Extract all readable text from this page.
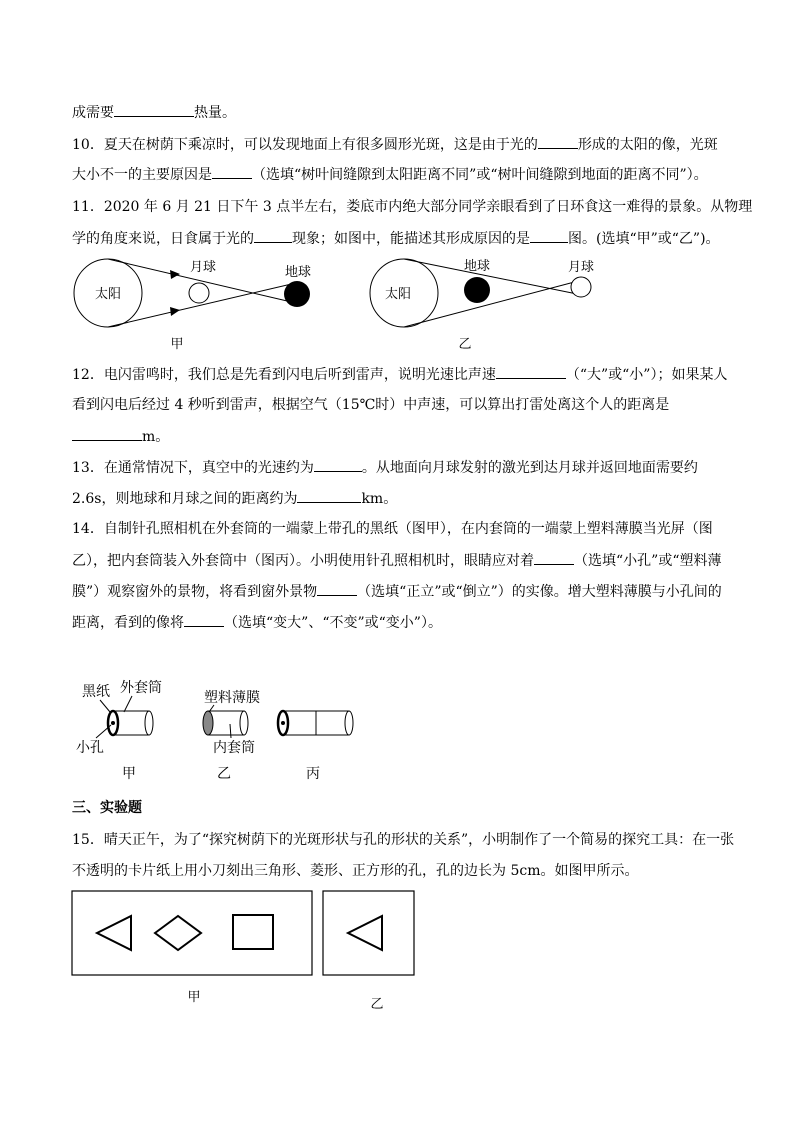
成需要	热量。
10．夏天在树荫下乘凉时，可以发现地面上有很多圆形光斑，这是由于光的	形成的太阳的像，光斑
大小不一的主要原因是	（选填“树叶间缝隙到太阳距离不同”或“树叶间缝隙到地面的距离不同”）。
11．2020 年 6 月 21 日下午 3 点半左右，娄底市内绝大部分同学亲眼看到了日环食这一难得的景象。从物理
学的角度来说，日食属于光的	现象；如图中，能描述其形成原因的是	图。(选填“甲”或“乙”)。
太阳
月球	地球
甲
太阳
地球	月球
乙
12．电闪雷鸣时，我们总是先看到闪电后听到雷声，说明光速比声速	（“大”或“小”）；如果某人
看到闪电后经过 4 秒听到雷声，根据空气（15℃时）中声速，可以算出打雷处离这个人的距离是
m。
13．在通常情况下，真空中的光速约为	。从地面向月球发射的激光到达月球并返回地面需要约
2.6s，则地球和月球之间的距离约为	km。
14．自制针孔照相机在外套筒的一端蒙上带孔的黑纸（图甲），在内套筒的一端蒙上塑料薄膜当光屏（图
乙），把内套筒装入外套筒中（图丙）。小明使用针孔照相机时，眼睛应对着	（选填“小孔”或“塑料薄
膜”）观察窗外的景物，将看到窗外景物	（选填“正立”或“倒立”）的实像。增大塑料薄膜与小孔间的
距离，看到的像将	（选填“变大”、“不变”或“变小”）。
黑纸 外套筒
小孔
甲
塑料薄膜
内套筒
乙	丙
三、实验题
15．晴天正午，为了“探究树荫下的光斑形状与孔的形状的关系”，小明制作了一个简易的探究工具：在一张
不透明的卡片纸上用小刀刻出三角形、菱形、正方形的孔，孔的边长为 5cm。如图甲所示。
甲	乙
